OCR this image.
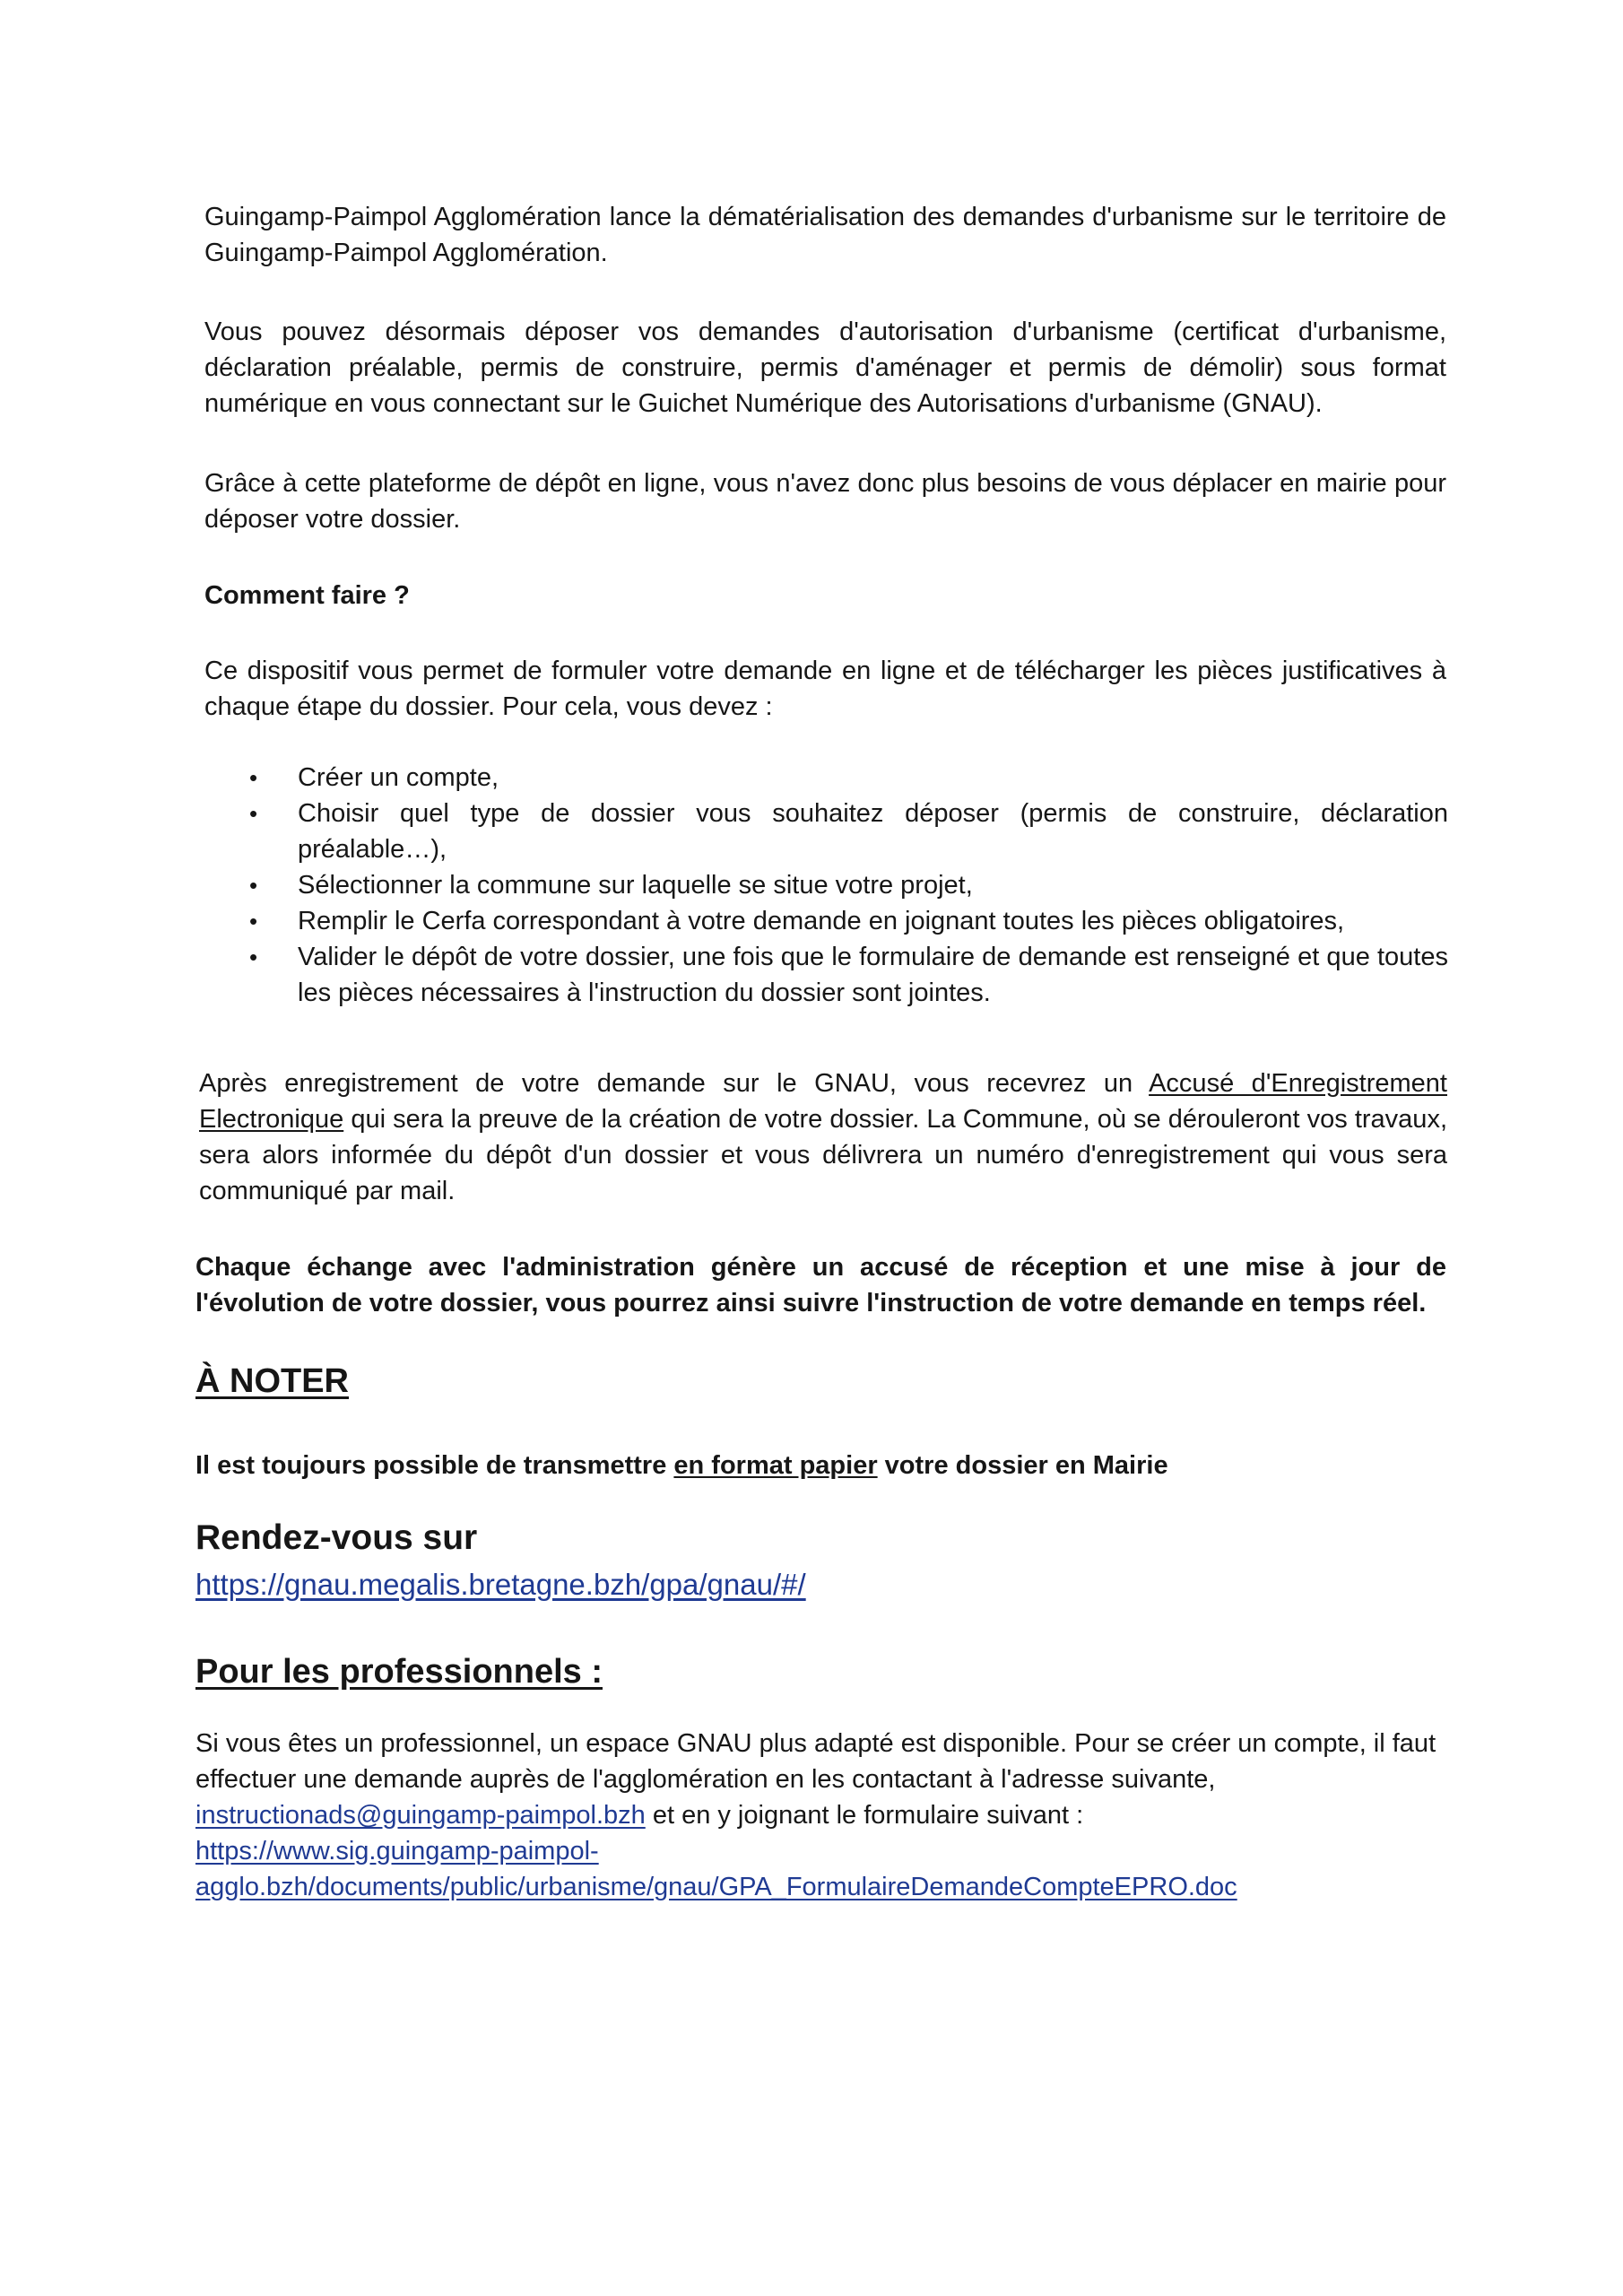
Guingamp-Paimpol Agglomération lance la dématérialisation des demandes d'urbanisme sur le territoire de Guingamp-Paimpol Agglomération.

Vous pouvez désormais déposer vos demandes d'autorisation d'urbanisme (certificat d'urbanisme, déclaration préalable, permis de construire, permis d'aménager et permis de démolir) sous format numérique en vous connectant sur le Guichet Numérique des Autorisations d'urbanisme (GNAU).

Grâce à cette plateforme de dépôt en ligne, vous n'avez donc plus besoins de vous déplacer en mairie pour déposer votre dossier.

Comment faire ?

Ce dispositif vous permet de formuler votre demande en ligne et de télécharger les pièces justificatives à chaque étape du dossier. Pour cela, vous devez :

• Créer un compte,
• Choisir quel type de dossier vous souhaitez déposer (permis de construire, déclaration préalable…),
• Sélectionner la commune sur laquelle se situe votre projet,
• Remplir le Cerfa correspondant à votre demande en joignant toutes les pièces obligatoires,
• Valider le dépôt de votre dossier, une fois que le formulaire de demande est renseigné et que toutes les pièces nécessaires à l'instruction du dossier sont jointes.

Après enregistrement de votre demande sur le GNAU, vous recevrez un Accusé d'Enregistrement Electronique qui sera la preuve de la création de votre dossier. La Commune, où se dérouleront vos travaux, sera alors informée du dépôt d'un dossier et vous délivrera un numéro d'enregistrement qui vous sera communiqué par mail.

Chaque échange avec l'administration génère un accusé de réception et une mise à jour de l'évolution de votre dossier, vous pourrez ainsi suivre l'instruction de votre demande en temps réel.

À NOTER
Il est toujours possible de transmettre en format papier votre dossier en Mairie
Rendez-vous sur
https://gnau.megalis.bretagne.bzh/gpa/gnau/#/
Pour les professionnels :

Si vous êtes un professionnel, un espace GNAU plus adapté est disponible. Pour se créer un compte, il faut effectuer une demande auprès de l'agglomération en les contactant à l'adresse suivante,

instructionads@guingamp-paimpol.bzh et en y joignant le formulaire suivant :
https://www.sig.guingamp-paimpol-
agglo.bzh/documents/public/urbanisme/gnau/GPA_FormulaireDemandeCompteEPRO.doc
